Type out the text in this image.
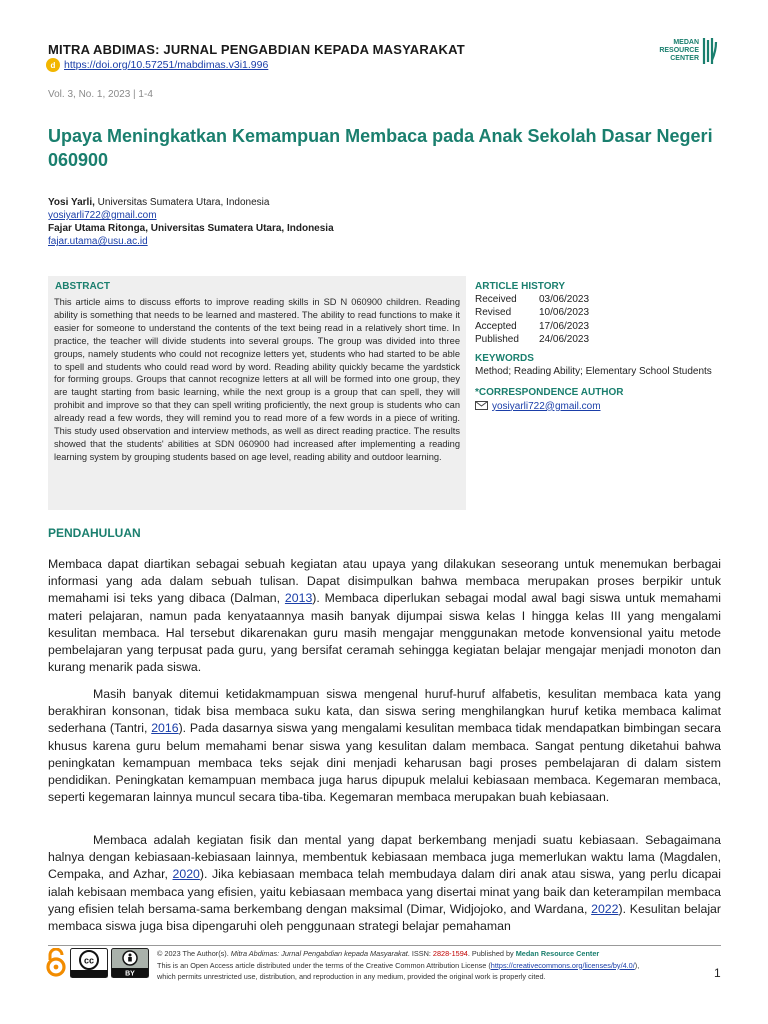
MITRA ABDIMAS: JURNAL PENGABDIAN KEPADA MASYARAKAT
d https://doi.org/10.57251/mabdimas.v3i1.996
MEDAN
RESOURCE
CENTER
Vol. 3, No. 1, 2023 | 1-4
Upaya Meningkatkan Kemampuan Membaca pada Anak Sekolah Dasar Negeri 060900
Yosi Yarli, Universitas Sumatera Utara, Indonesia
yosiyarli722@gmail.com
Fajar Utama Ritonga, Universitas Sumatera Utara, Indonesia
fajar.utama@usu.ac.id
ABSTRACT
This article aims to discuss efforts to improve reading skills in SD N 060900 children. Reading ability is something that needs to be learned and mastered. The ability to read functions to make it easier for someone to understand the contents of the text being read in a relatively short time. In practice, the teacher will divide students into several groups. The group was divided into three groups, namely students who could not recognize letters yet, students who had started to be able to spell and students who could read word by word. Reading ability quickly became the yardstick for forming groups. Groups that cannot recognize letters at all will be formed into one group, they are taught starting from basic learning, while the next group is a group that can spell, they will prohibit and improve so that they can spell writing proficiently, the next group is students who can already read a few words, they will remind you to read more of a few words in a piece of writing. This study used observation and interview methods, as well as direct reading practice. The results showed that the students' abilities at SDN 060900 had increased after implementing a reading learning system by grouping students based on age level, reading ability and outdoor learning.
ARTICLE HISTORY
Received	03/06/2023
Revised	10/06/2023
Accepted	17/06/2023
Published	24/06/2023
KEYWORDS
Method; Reading Ability; Elementary School Students
*CORRESPONDENCE AUTHOR
yosiyarli722@gmail.com
PENDAHULUAN
Membaca dapat diartikan sebagai sebuah kegiatan atau upaya yang dilakukan seseorang untuk menemukan berbagai informasi yang ada dalam sebuah tulisan. Dapat disimpulkan bahwa membaca merupakan proses berpikir untuk memahami isi teks yang dibaca (Dalman, 2013). Membaca diperlukan sebagai modal awal bagi siswa untuk memahami materi pelajaran, namun pada kenyataannya masih banyak dijumpai siswa kelas I hingga kelas III yang mengalami kesulitan membaca. Hal tersebut dikarenakan guru masih mengajar menggunakan metode konvensional yaitu metode pembelajaran yang terpusat pada guru, yang bersifat ceramah sehingga kegiatan belajar mengajar menjadi monoton dan kurang menarik pada siswa.
Masih banyak ditemui ketidakmampuan siswa mengenal huruf-huruf alfabetis, kesulitan membaca kata yang berakhiran konsonan, tidak bisa membaca suku kata, dan siswa sering menghilangkan huruf ketika membaca kalimat sederhana (Tantri, 2016). Pada dasarnya siswa yang mengalami kesulitan membaca tidak mendapatkan bimbingan secara khusus karena guru belum memahami benar siswa yang kesulitan dalam membaca. Sangat pentung diketahui bahwa peningkatan kemampuan membaca teks sejak dini menjadi keharusan bagi proses pembelajaran di dalam sistem pendidikan. Peningkatan kemampuan membaca juga harus dipupuk melalui kebiasaan membaca. Kegemaran membaca, seperti kegemaran lainnya muncul secara tiba-tiba. Kegemaran membaca merupakan buah kebiasaan.
Membaca adalah kegiatan fisik dan mental yang dapat berkembang menjadi suatu kebiasaan. Sebagaimana halnya dengan kebiasaan-kebiasaan lainnya, membentuk kebiasaan membaca juga memerlukan waktu lama (Magdalen, Cempaka, and Azhar, 2020). Jika kebiasaan membaca telah membudaya dalam diri anak atau siswa, yang perlu dicapai ialah kebisaan membaca yang efisien, yaitu kebiasaan membaca yang disertai minat yang baik dan keterampilan membaca yang efisien telah bersama-sama berkembang dengan maksimal (Dimar, Widjojoko, and Wardana, 2022). Kesulitan belajar membaca siswa juga bisa dipengaruhi oleh penggunaan strategi belajar pemahaman
cc
BY
© 2023 The Author(s). Mitra Abdimas: Jurnal Pengabdian kepada Masyarakat. ISSN: 2828-1594. Published by Medan Resource Center
This is an Open Access article distributed under the terms of the Creative Common Attribution License (https://creativecommons.org/licenses/by/4.0/),
which permits unrestricted use, distribution, and reproduction in any medium, provided the original work is properly cited.	1
